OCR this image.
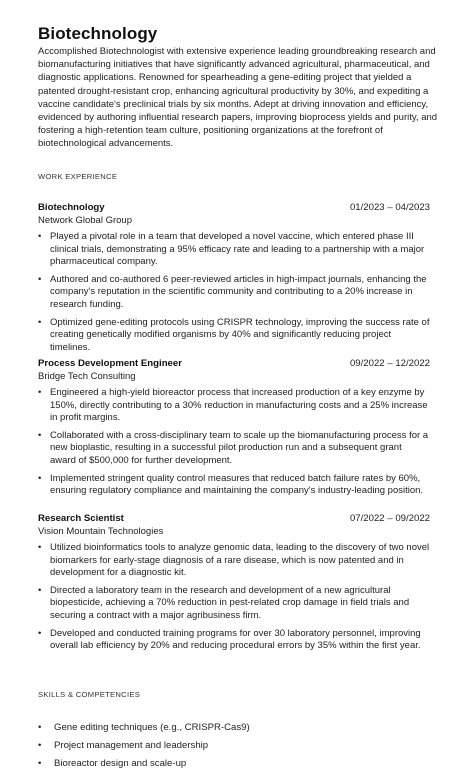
Biotechnology
Accomplished Biotechnologist with extensive experience leading groundbreaking research and biomanufacturing initiatives that have significantly advanced agricultural, pharmaceutical, and diagnostic applications. Renowned for spearheading a gene-editing project that yielded a patented drought-resistant crop, enhancing agricultural productivity by 30%, and expediting a vaccine candidate's preclinical trials by six months. Adept at driving innovation and efficiency, evidenced by authoring influential research papers, improving bioprocess yields and purity, and fostering a high-retention team culture, positioning organizations at the forefront of biotechnological advancements.
WORK EXPERIENCE
Biotechnology	01/2023 – 04/2023
Network Global Group
• Played a pivotal role in a team that developed a novel vaccine, which entered phase III clinical trials, demonstrating a 95% efficacy rate and leading to a partnership with a major pharmaceutical company.
• Authored and co-authored 6 peer-reviewed articles in high-impact journals, enhancing the company's reputation in the scientific community and contributing to a 20% increase in research funding.
• Optimized gene-editing protocols using CRISPR technology, improving the success rate of creating genetically modified organisms by 40% and significantly reducing project timelines.
Process Development Engineer	09/2022 – 12/2022
Bridge Tech Consulting
• Engineered a high-yield bioreactor process that increased production of a key enzyme by 150%, directly contributing to a 30% reduction in manufacturing costs and a 25% increase in profit margins.
• Collaborated with a cross-disciplinary team to scale up the biomanufacturing process for a new bioplastic, resulting in a successful pilot production run and a subsequent grant award of $500,000 for further development.
• Implemented stringent quality control measures that reduced batch failure rates by 60%, ensuring regulatory compliance and maintaining the company's industry-leading position.
Research Scientist	07/2022 – 09/2022
Vision Mountain Technologies
• Utilized bioinformatics tools to analyze genomic data, leading to the discovery of two novel biomarkers for early-stage diagnosis of a rare disease, which is now patented and in development for a diagnostic kit.
• Directed a laboratory team in the research and development of a new agricultural biopesticide, achieving a 70% reduction in pest-related crop damage in field trials and securing a contract with a major agribusiness firm.
• Developed and conducted training programs for over 30 laboratory personnel, improving overall lab efficiency by 20% and reducing procedural errors by 35% within the first year.
SKILLS & COMPETENCIES
• Gene editing techniques (e.g., CRISPR-Cas9)
• Project management and leadership
• Bioreactor design and scale-up
